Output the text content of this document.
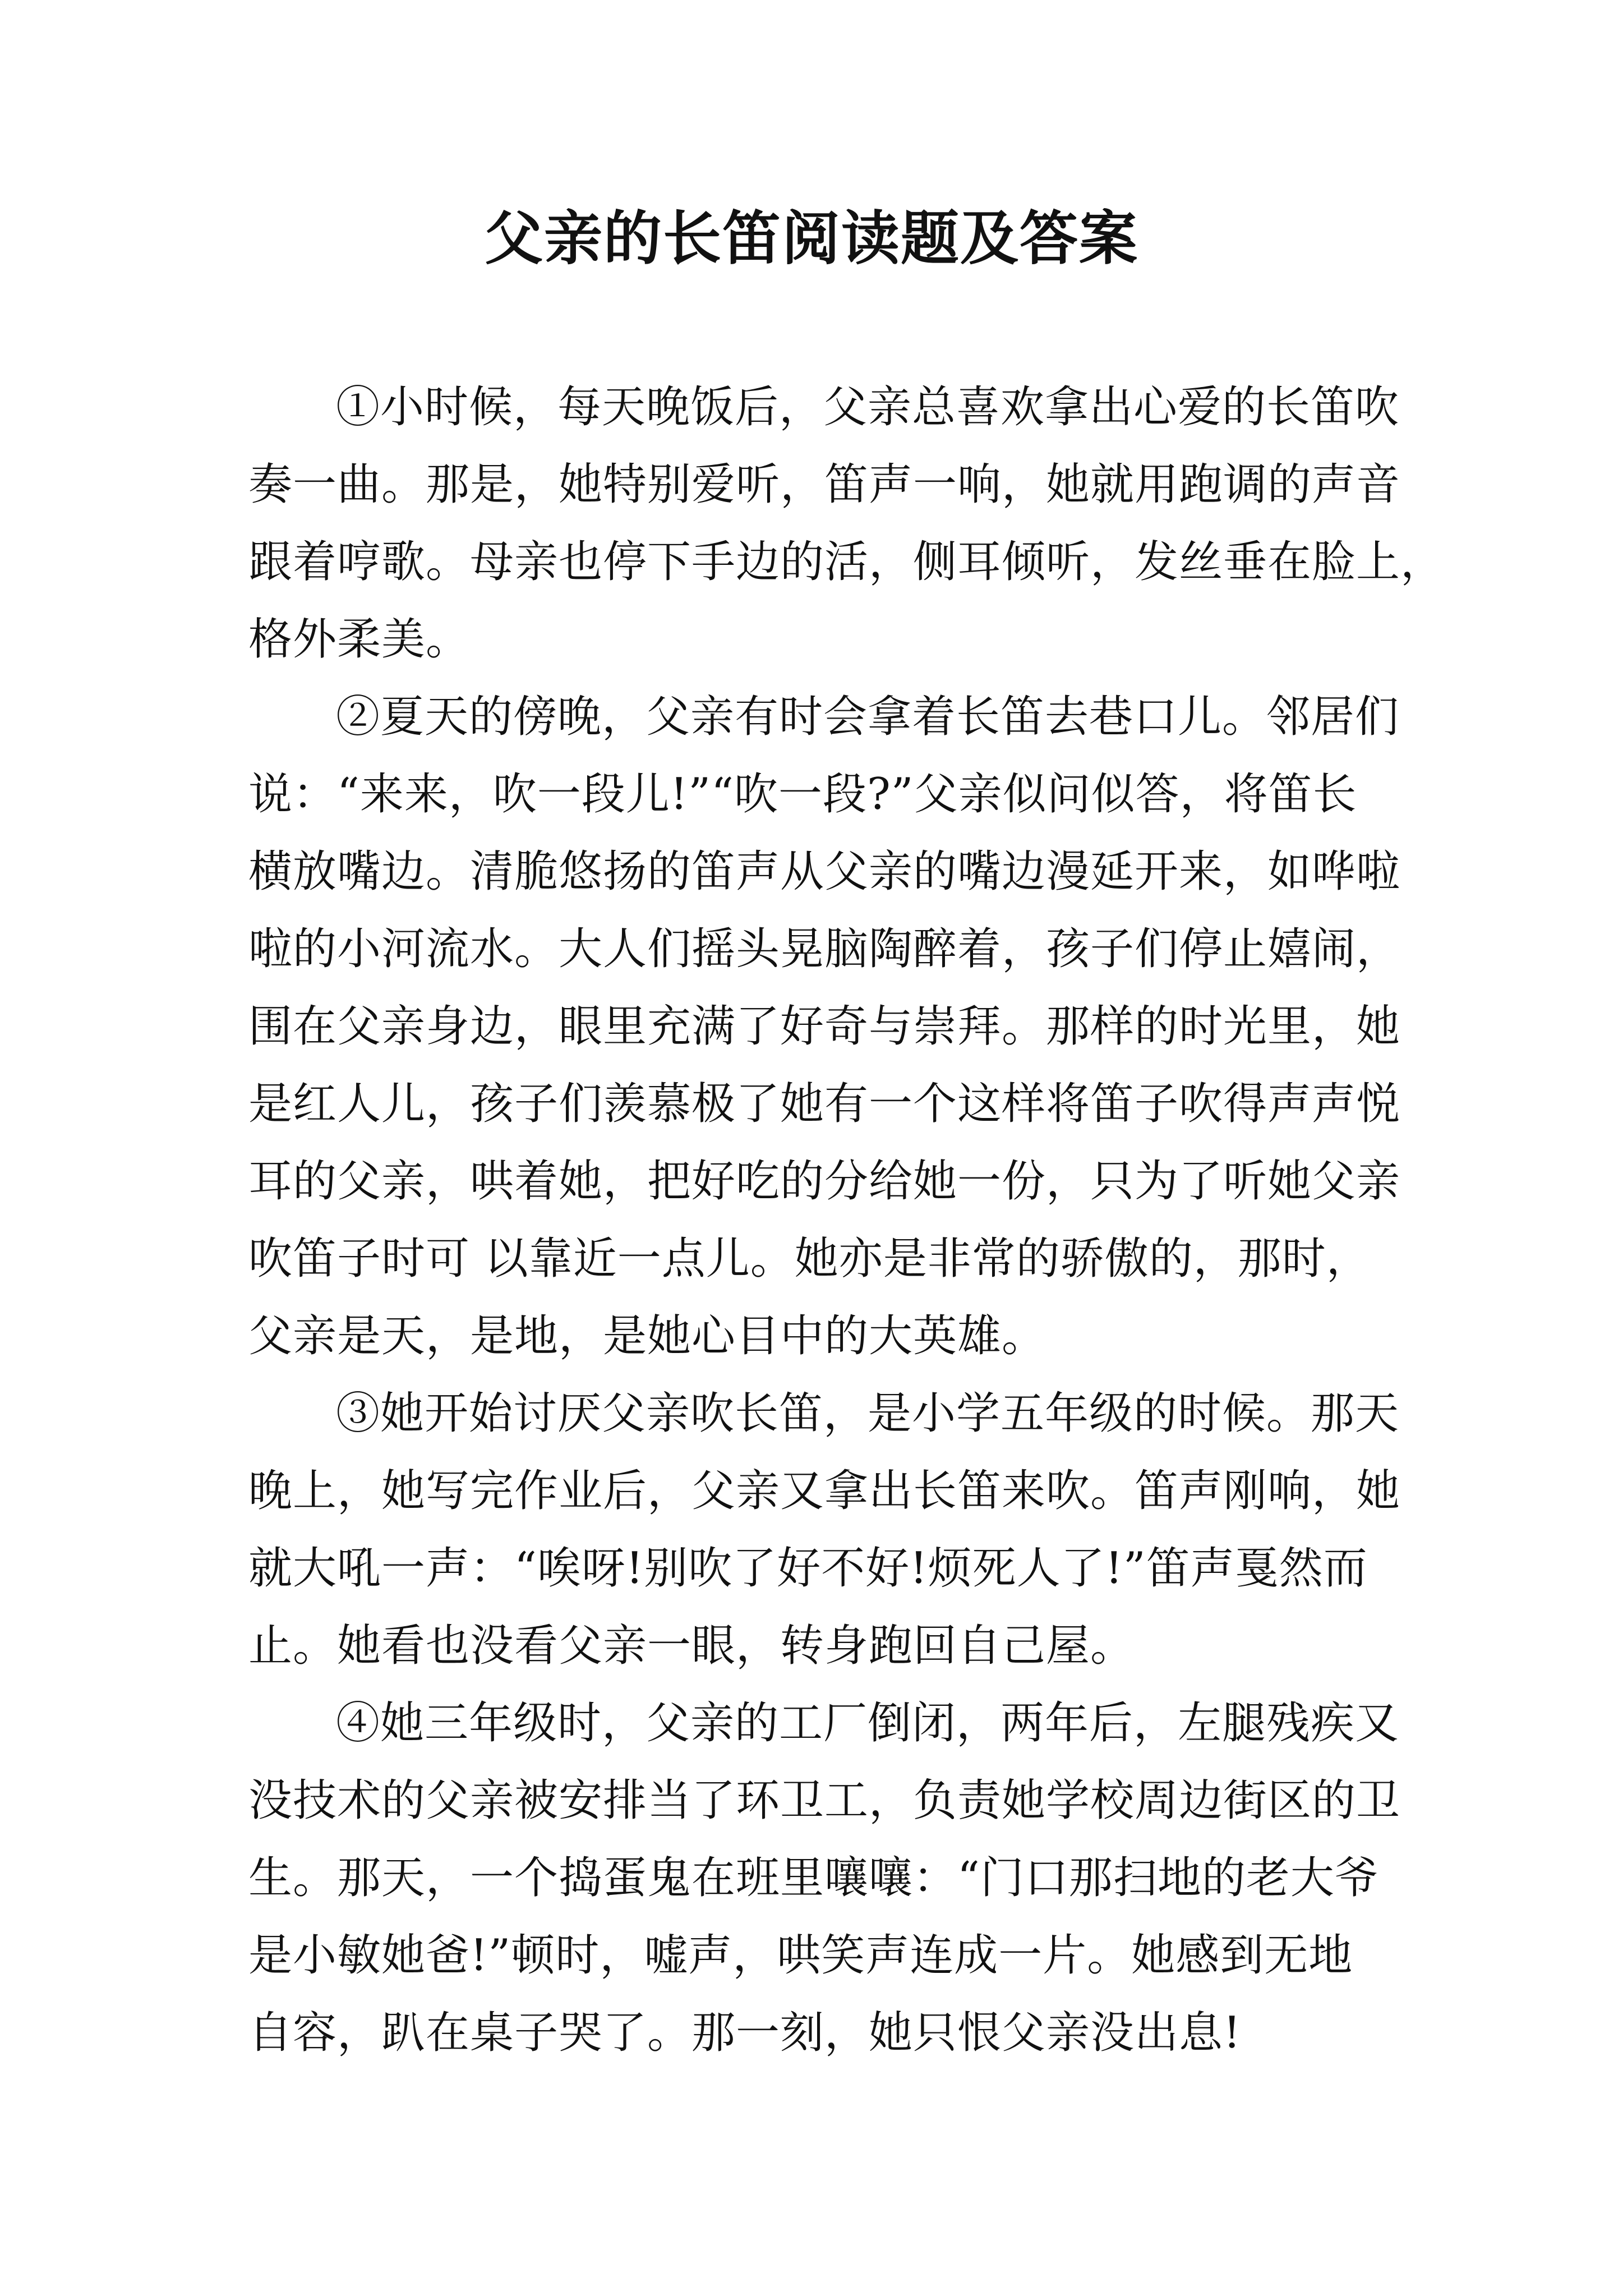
父亲的长笛阅读题及答案
①小时候，每天晚饭后，父亲总喜欢拿出心爱的长笛吹
奏一曲。那是，她特别爱听，笛声一响，她就用跑调的声音
跟着哼歌。母亲也停下手边的活，侧耳倾听，发丝垂在脸上，
格外柔美。
②夏天的傍晚，父亲有时会拿着长笛去巷口儿。邻居们
说：“来来，吹一段儿!”“吹一段?”父亲似问似答，将笛长
横放嘴边。清脆悠扬的笛声从父亲的嘴边漫延开来，如哗啦
啦的小河流水。大人们摇头晃脑陶醉着，孩子们停止嬉闹，
围在父亲身边，眼里充满了好奇与崇拜。那样的时光里，她
是红人儿，孩子们羡慕极了她有一个这样将笛子吹得声声悦
耳的父亲，哄着她，把好吃的分给她一份，只为了听她父亲
吹笛子时可 以靠近一点儿。她亦是非常的骄傲的，那时，
父亲是天，是地，是她心目中的大英雄。
③她开始讨厌父亲吹长笛，是小学五年级的时候。那天
晚上，她写完作业后，父亲又拿出长笛来吹。笛声刚响，她
就大吼一声：“唉呀!别吹了好不好!烦死人了!”笛声戛然而
止。她看也没看父亲一眼，转身跑回自己屋。
④她三年级时，父亲的工厂倒闭，两年后，左腿残疾又
没技术的父亲被安排当了环卫工，负责她学校周边街区的卫
生。那天，一个捣蛋鬼在班里嚷嚷：“门口那扫地的老大爷
是小敏她爸!”顿时，嘘声，哄笑声连成一片。她感到无地
自容，趴在桌子哭了。那一刻，她只恨父亲没出息!
